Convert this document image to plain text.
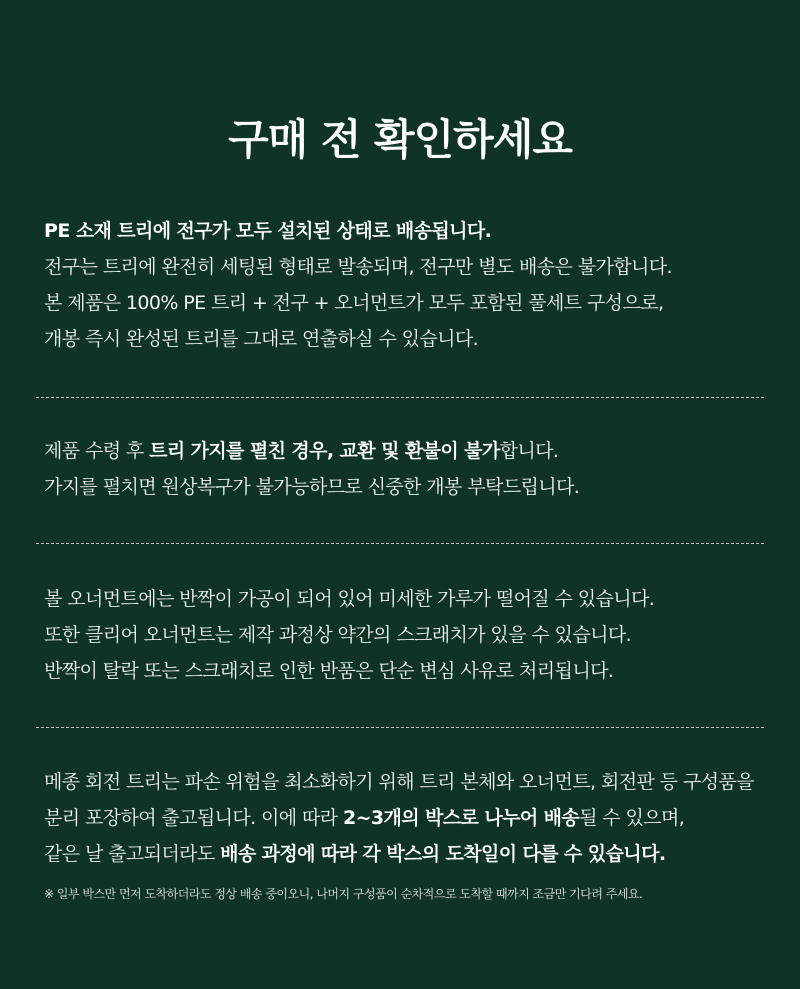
구매 전 확인하세요
PE 소재 트리에 전구가 모두 설치된 상태로 배송됩니다.
전구는 트리에 완전히 세팅된 형태로 발송되며, 전구만 별도 배송은 불가합니다.
본 제품은 100% PE 트리 + 전구 + 오너먼트가 모두 포함된 풀세트 구성으로,
개봉 즉시 완성된 트리를 그대로 연출하실 수 있습니다.
제품 수령 후 트리 가지를 펼친 경우, 교환 및 환불이 불가합니다.
가지를 펼치면 원상복구가 불가능하므로 신중한 개봉 부탁드립니다.
볼 오너먼트에는 반짝이 가공이 되어 있어 미세한 가루가 떨어질 수 있습니다.
또한 클리어 오너먼트는 제작 과정상 약간의 스크래치가 있을 수 있습니다.
반짝이 탈락 또는 스크래치로 인한 반품은 단순 변심 사유로 처리됩니다.
메종 회전 트리는 파손 위험을 최소화하기 위해 트리 본체와 오너먼트, 회전판 등 구성품을
분리 포장하여 출고됩니다. 이에 따라 2~3개의 박스로 나누어 배송될 수 있으며,
같은 날 출고되더라도 배송 과정에 따라 각 박스의 도착일이 다를 수 있습니다.
※ 일부 박스만 먼저 도착하더라도 정상 배송 중이오니, 나머지 구성품이 순차적으로 도착할 때까지 조금만 기다려 주세요.
